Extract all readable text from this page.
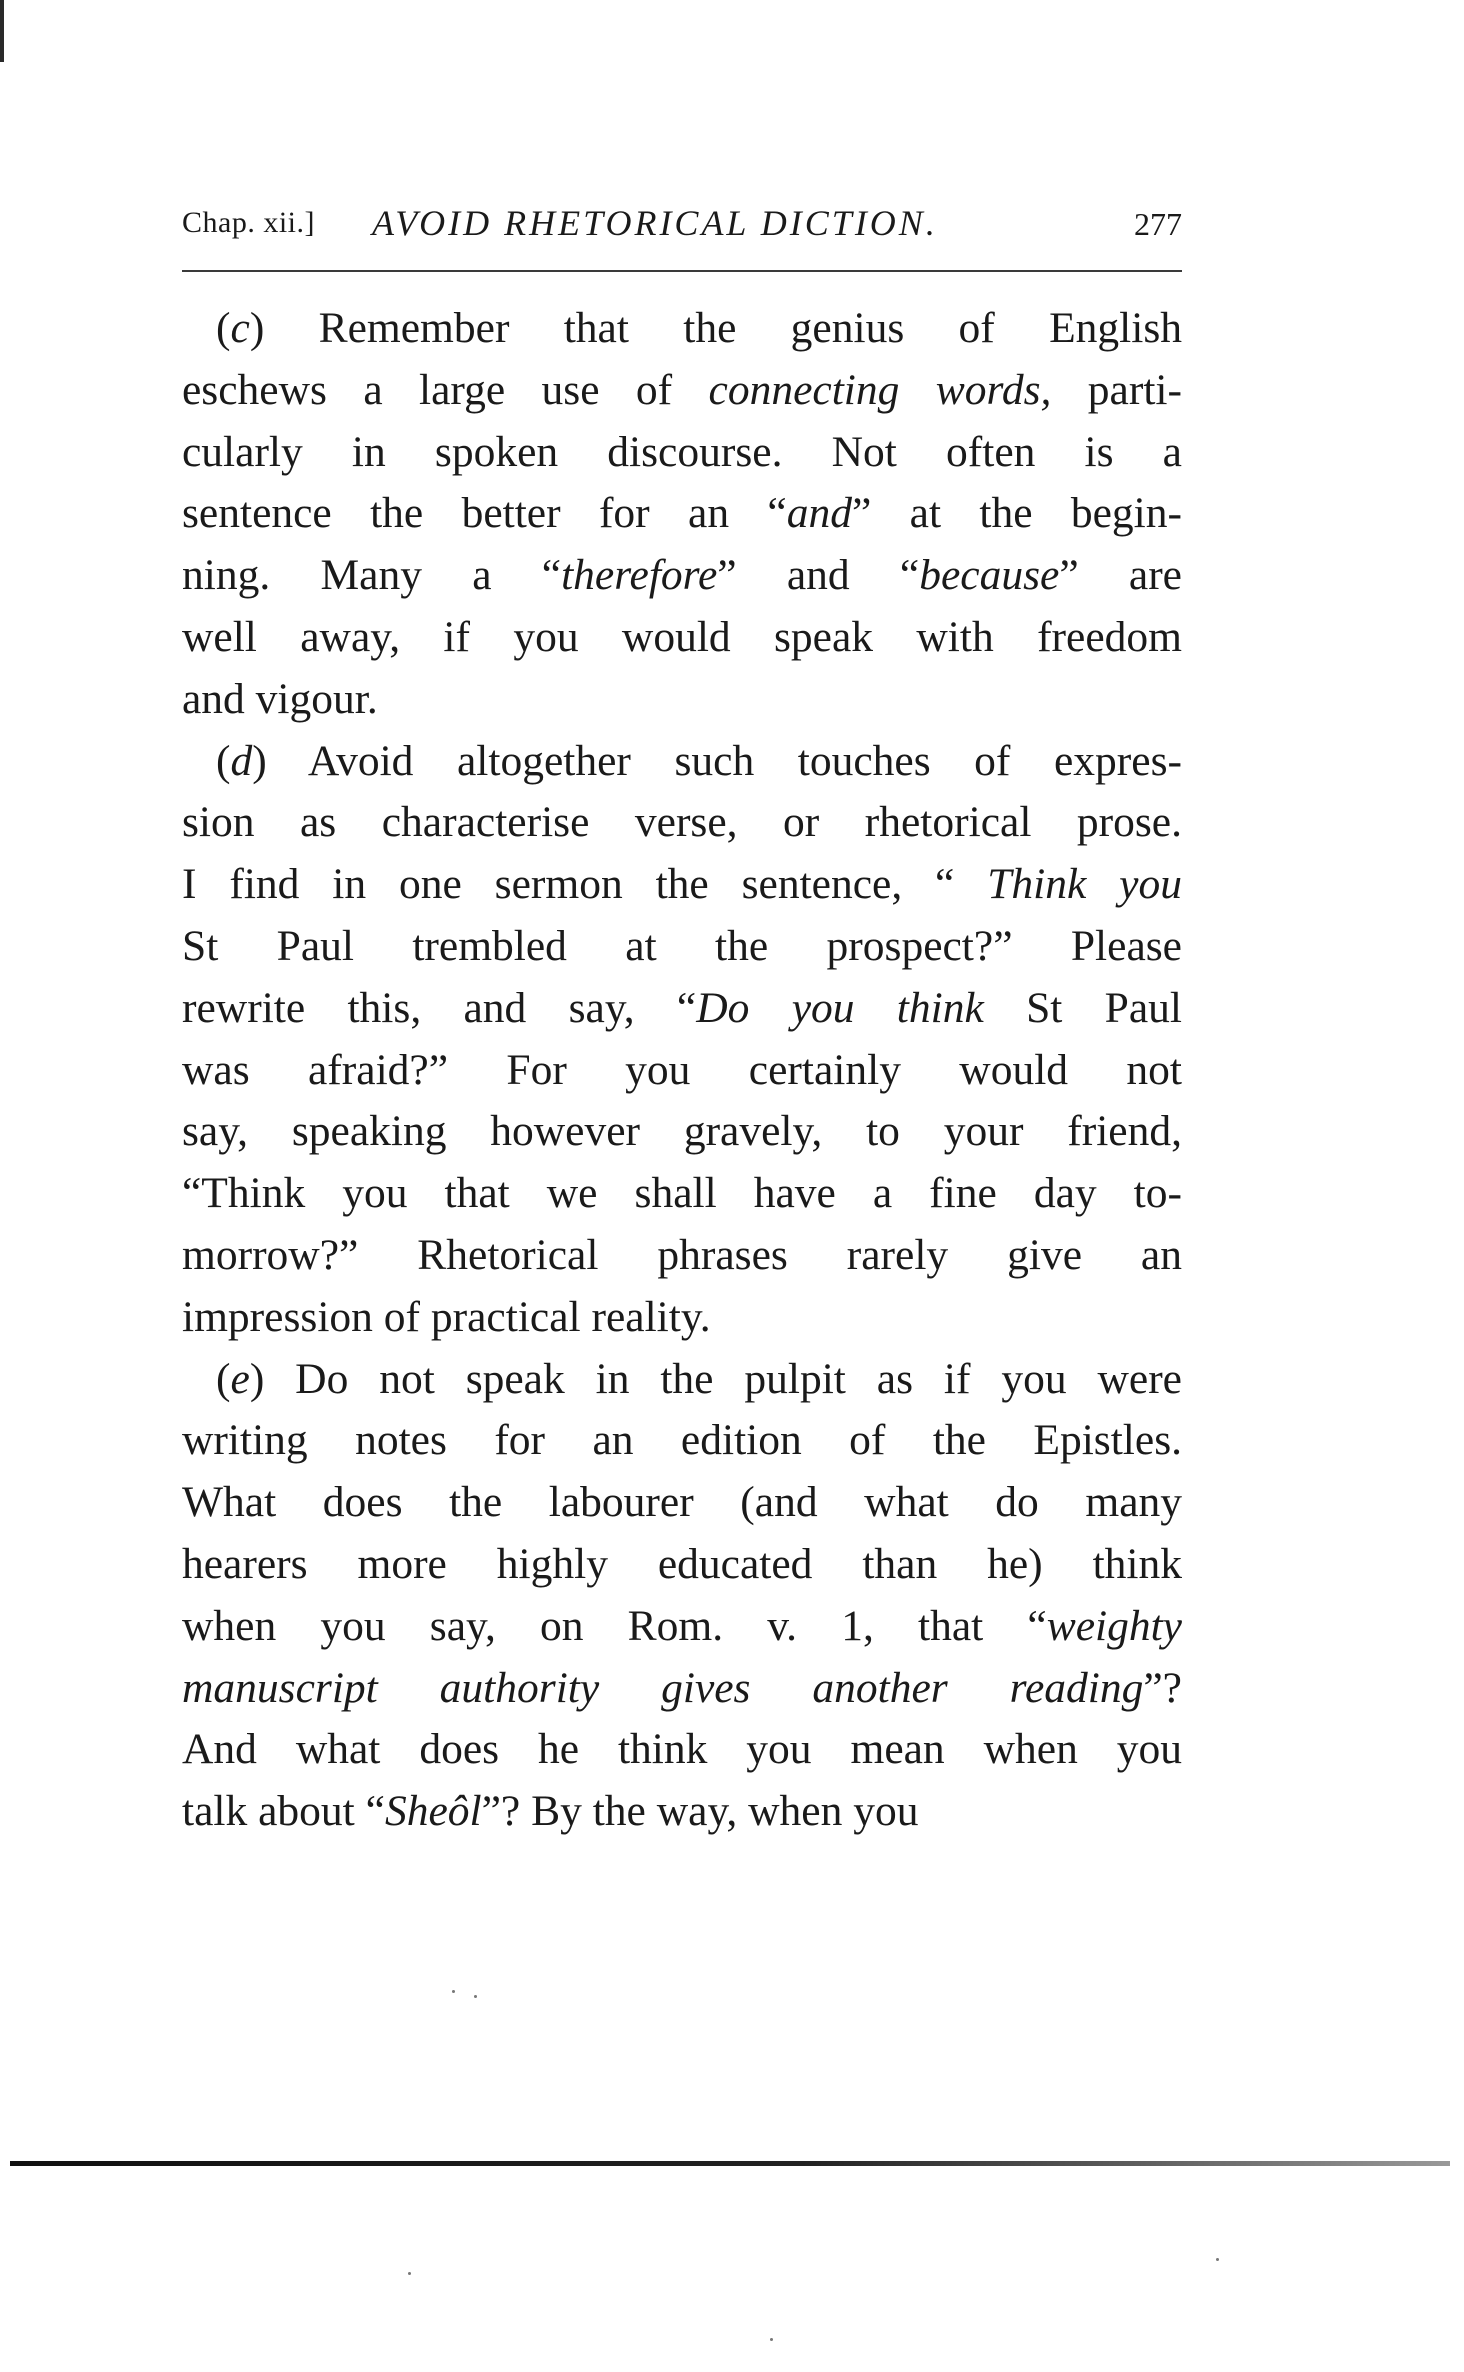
Chap. xii.] AVOID RHETORICAL DICTION.	277
(c) Remember that the genius of English
eschews a large use of connecting words, parti-
cularly in spoken discourse. Not often is a
sentence the better for an “and” at the begin-
ning. Many a “therefore” and “because” are
well away, if you would speak with freedom
and vigour.
(d) Avoid altogether such touches of expres-
sion as characterise verse, or rhetorical prose.
I find in one sermon the sentence, “ Think you
St Paul trembled at the prospect?” Please
rewrite this, and say, “Do you think St Paul
was afraid?” For you certainly would not
say, speaking however gravely, to your friend,
“Think you that we shall have a fine day to-
morrow?” Rhetorical phrases rarely give an
impression of practical reality.
(e) Do not speak in the pulpit as if you were
writing notes for an edition of the Epistles.
What does the labourer (and what do many
hearers more highly educated than he) think
when you say, on Rom. v. 1, that “weighty
manuscript authority gives another reading”?
And what does he think you mean when you
talk about “Sheôl”? By the way, when you
